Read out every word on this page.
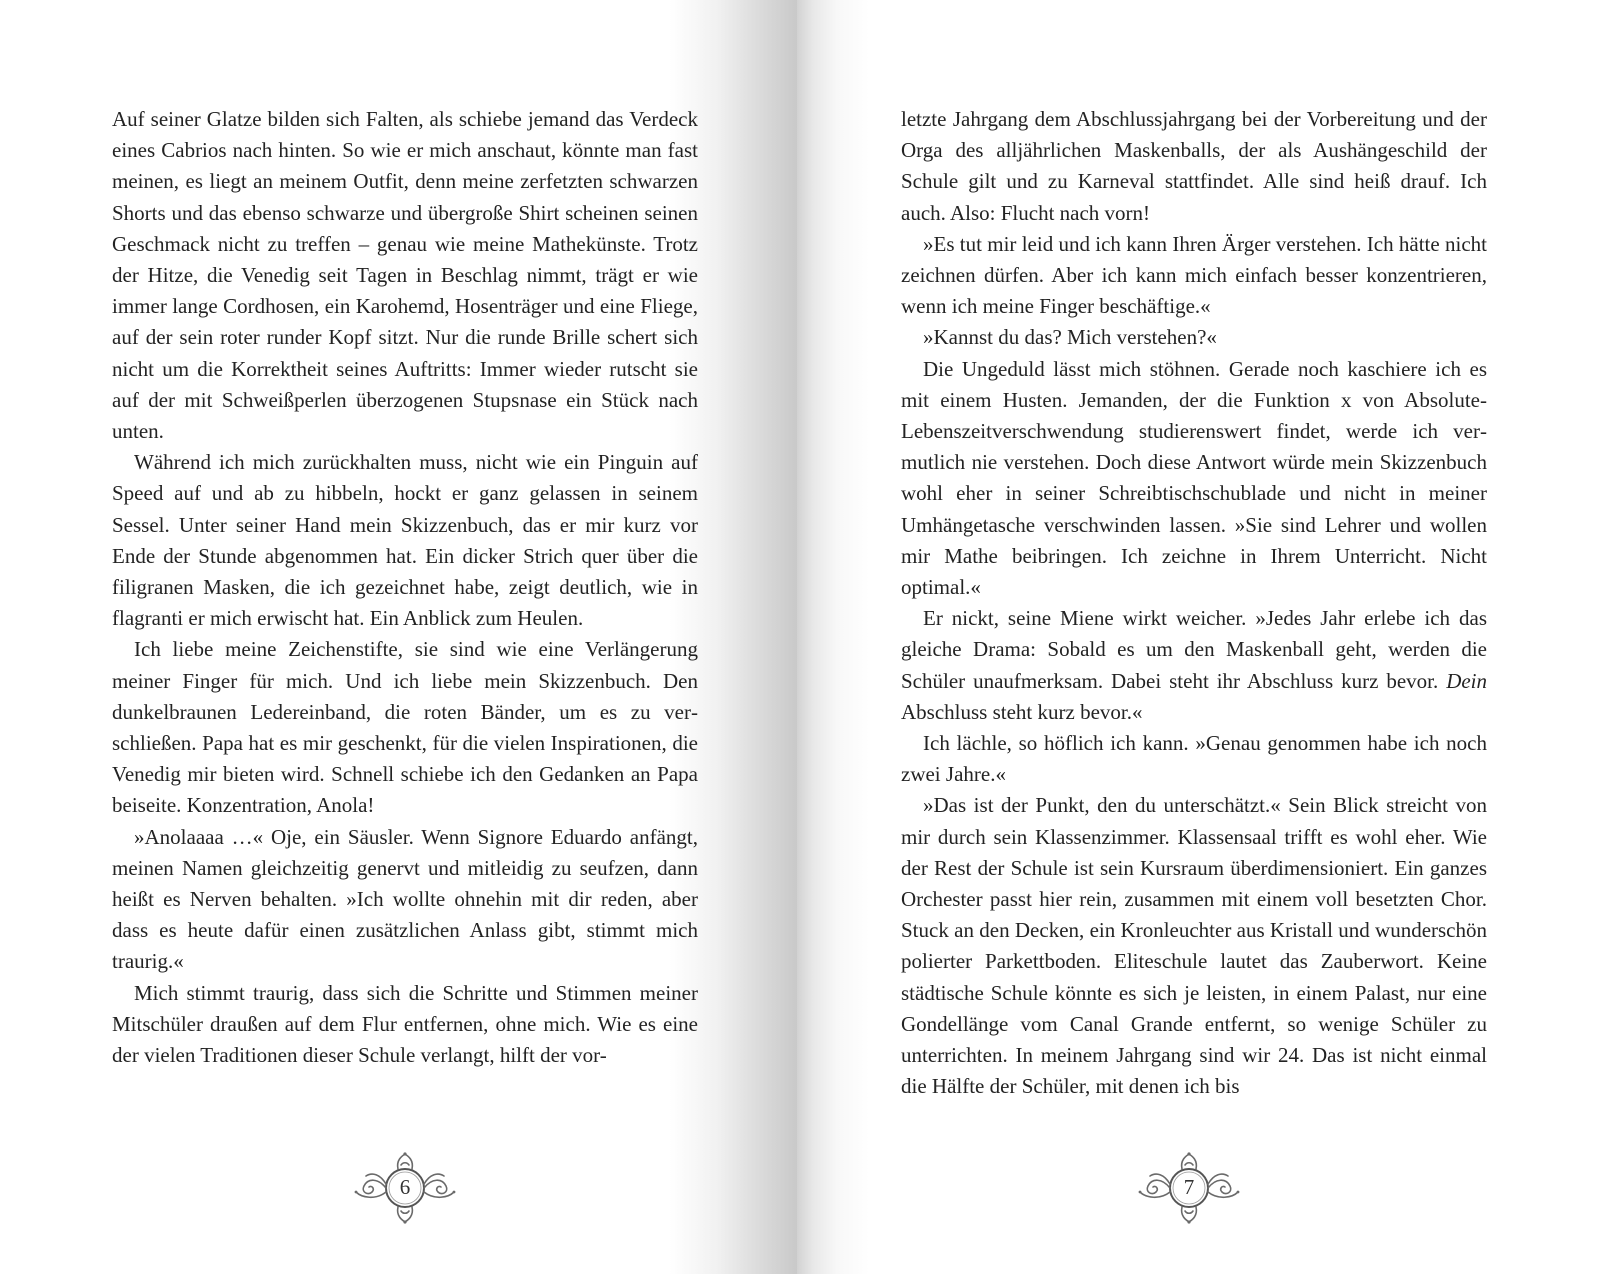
Auf seiner Glatze bilden sich Falten, als schiebe jemand das Verdeck eines Cabrios nach hinten. So wie er mich anschaut, könnte man fast meinen, es liegt an meinem Outfit, denn meine zerfetzten schwarzen Shorts und das ebenso schwarze und übergroße Shirt scheinen seinen Geschmack nicht zu treffen – genau wie meine Mathekünste. Trotz der Hitze, die Venedig seit Tagen in Beschlag nimmt, trägt er wie immer lange Cordhosen, ein Karohemd, Hosenträger und eine Fliege, auf der sein roter runder Kopf sitzt. Nur die runde Brille schert sich nicht um die Korrektheit seines Auftritts: Immer wieder rutscht sie auf der mit Schweißperlen überzogenen Stupsnase ein Stück nach unten.

Während ich mich zurückhalten muss, nicht wie ein Pinguin auf Speed auf und ab zu hibbeln, hockt er ganz gelassen in seinem Sessel. Unter seiner Hand mein Skizzenbuch, das er mir kurz vor Ende der Stunde abgenommen hat. Ein dicker Strich quer über die filigranen Masken, die ich gezeichnet habe, zeigt deutlich, wie in flagranti er mich erwischt hat. Ein Anblick zum Heulen.

Ich liebe meine Zeichenstifte, sie sind wie eine Verlängerung meiner Finger für mich. Und ich liebe mein Skizzenbuch. Den dunkelbraunen Ledereinband, die roten Bänder, um es zu verschließen. Papa hat es mir geschenkt, für die vielen Inspirationen, die Venedig mir bieten wird. Schnell schiebe ich den Gedanken an Papa beiseite. Konzentration, Anola!

»Anolaaaa …« Oje, ein Säusler. Wenn Signore Eduardo anfängt, meinen Namen gleichzeitig genervt und mitleidig zu seufzen, dann heißt es Nerven behalten. »Ich wollte ohnehin mit dir reden, aber dass es heute dafür einen zusätzlichen Anlass gibt, stimmt mich traurig.«

Mich stimmt traurig, dass sich die Schritte und Stimmen meiner Mitschüler draußen auf dem Flur entfernen, ohne mich. Wie es eine der vielen Traditionen dieser Schule verlangt, hilft der vor-

6

letzte Jahrgang dem Abschlussjahrgang bei der Vorbereitung und der Orga des alljährlichen Maskenballs, der als Aushängeschild der Schule gilt und zu Karneval stattfindet. Alle sind heiß drauf. Ich auch. Also: Flucht nach vorn!

»Es tut mir leid und ich kann Ihren Ärger verstehen. Ich hätte nicht zeichnen dürfen. Aber ich kann mich einfach besser konzentrieren, wenn ich meine Finger beschäftige.«

»Kannst du das? Mich verstehen?«

Die Ungeduld lässt mich stöhnen. Gerade noch kaschiere ich es mit einem Husten. Jemanden, der die Funktion x von Absolute-Lebenszeitverschwendung studierenswert findet, werde ich vermutlich nie verstehen. Doch diese Antwort würde mein Skizzenbuch wohl eher in seiner Schreibtischschublade und nicht in meiner Umhängetasche verschwinden lassen. »Sie sind Lehrer und wollen mir Mathe beibringen. Ich zeichne in Ihrem Unterricht. Nicht optimal.«

Er nickt, seine Miene wirkt weicher. »Jedes Jahr erlebe ich das gleiche Drama: Sobald es um den Maskenball geht, werden die Schüler unaufmerksam. Dabei steht ihr Abschluss kurz bevor. Dein Abschluss steht kurz bevor.«

Ich lächle, so höflich ich kann. »Genau genommen habe ich noch zwei Jahre.«

»Das ist der Punkt, den du unterschätzt.« Sein Blick streicht von mir durch sein Klassenzimmer. Klassensaal trifft es wohl eher. Wie der Rest der Schule ist sein Kursraum überdimensioniert. Ein ganzes Orchester passt hier rein, zusammen mit einem voll besetzten Chor. Stuck an den Decken, ein Kronleuchter aus Kristall und wunderschön polierter Parkettboden. Eliteschule lautet das Zauberwort. Keine städtische Schule könnte es sich je leisten, in einem Palast, nur eine Gondellänge vom Canal Grande entfernt, so wenige Schüler zu unterrichten. In meinem Jahrgang sind wir 24. Das ist nicht einmal die Hälfte der Schüler, mit denen ich bis

7
